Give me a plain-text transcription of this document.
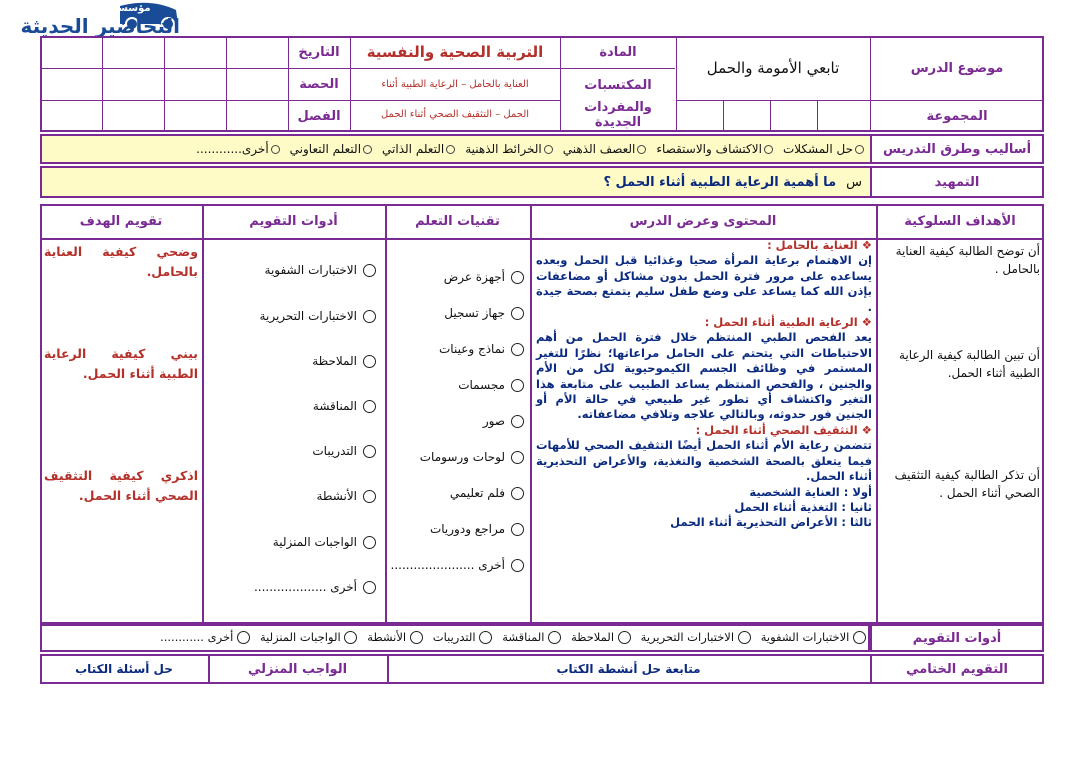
مؤسسة
التحاضير الحديثة
التاريخ
الحصة
الفصل
التربية الصحية والنفسية
العناية بالحامل – الرعاية الطبية أثناء
الحمل – التثقيف الصحي أثناء الحمل
المادة
المكتسبات
والمفردات الجديدة
تابعي الأمومة والحمل	موضوع الدرس
المجموعة
أساليب وطرق التدريس
حل المشكلات
الاكتشاف والاستقصاء
العصف الذهني
الخرائط الذهنية
التعلم الذاتي
التعلم التعاوني
أخرى............
التمهيد
س
ما أهمية الرعاية الطبية أثناء الحمل ؟
الأهداف السلوكية
المحتوى وعرض الدرس
تقنيات التعلم
أدوات التقويم
تقويم الهدف
أن توضح الطالبة كيفية العناية بالحامل .
أن تبين الطالبة كيفية الرعاية الطبية أثناء الحمل.
أن تذكر الطالبة كيفية التثقيف الصحي أثناء الحمل .
❖ العناية بالحامل :
إن الاهتمام برعاية المرأة صحيا وغذائيا قبل الحمل وبعده يساعده على مرور فترة الحمل بدون مشاكل أو مضاعفات بإذن الله كما يساعد على وضع طفل سليم يتمتع بصحة جيدة .
❖ الرعاية الطبية أثناء الحمل :
يعد الفحص الطبي المنتظم خلال فترة الحمل من أهم الاحتياطات التي يتحتم على الحامل مراعاتها؛ نظرًا للتغير المستمر في وظائف الجسم الكيموحيوية لكل من الأم والجنين ، والفحص المنتظم يساعد الطبيب على متابعة هذا التغير واكتشاف أي تطور غير طبيعي في حالة الأم أو الجنين فور حدوثه، وبالتالي علاجه وتلافي مضاعفاته.
❖ التثقيف الصحي أثناء الحمل :
تتضمن رعاية الأم أثناء الحمل أيضًا التثقيف الصحي للأمهات فيما يتعلق بالصحة الشخصية والتغذية، والأعراض التحذيرية أثناء الحمل.
أولا : العناية الشخصية
ثانيا : التغذية أثناء الحمل
ثالثا : الأعراض التحذيرية أثناء الحمل
أجهزة عرض
جهاز تسجيل
نماذج وعينات
مجسمات
صور
لوحات ورسومات
فلم تعليمي
مراجع ودوريات
أخرى ......................
الاختبارات الشفوية
الاختبارات التحريرية
الملاحظة
المناقشة
التدريبات
الأنشطة
الواجبات المنزلية
أخرى ...................
وضحي كيفية العناية بالحامل.
بيني كيفية الرعاية الطبية أثناء الحمل.
اذكري كيفية التثقيف الصحي أثناء الحمل.
أدوات التقويم
الاختبارات الشفوية
الاختبارات التحريرية
الملاحظة
المناقشة
التدريبات
الأنشطة
الواجبات المنزلية
أخرى ............
التقويم الختامي
متابعة حل أنشطة الكتاب
الواجب المنزلي
حل أسئلة الكتاب
